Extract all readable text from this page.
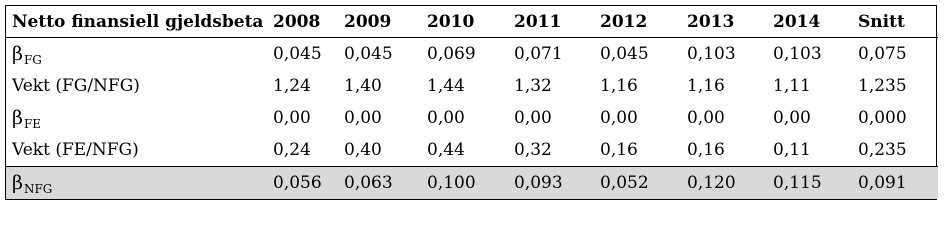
Netto finansiell gjeldsbeta	2008	2009	2010	2011	2012	2013	2014	Snitt
$\beta_{FG}$	0,045	0,045	0,069	0,071	0,045	0,103	0,103	0,075
Vekt (FG/NFG)	1,24	1,40	1,44	1,32	1,16	1,16	1,11	1,235
$\beta_{FE}$	0,00	0,00	0,00	0,00	0,00	0,00	0,00	0,000
Vekt (FE/NFG)	0,24	0,40	0,44	0,32	0,16	0,16	0,11	0,235
$\beta_{NFG}$	0,056	0,063	0,100	0,093	0,052	0,120	0,115	0,091
